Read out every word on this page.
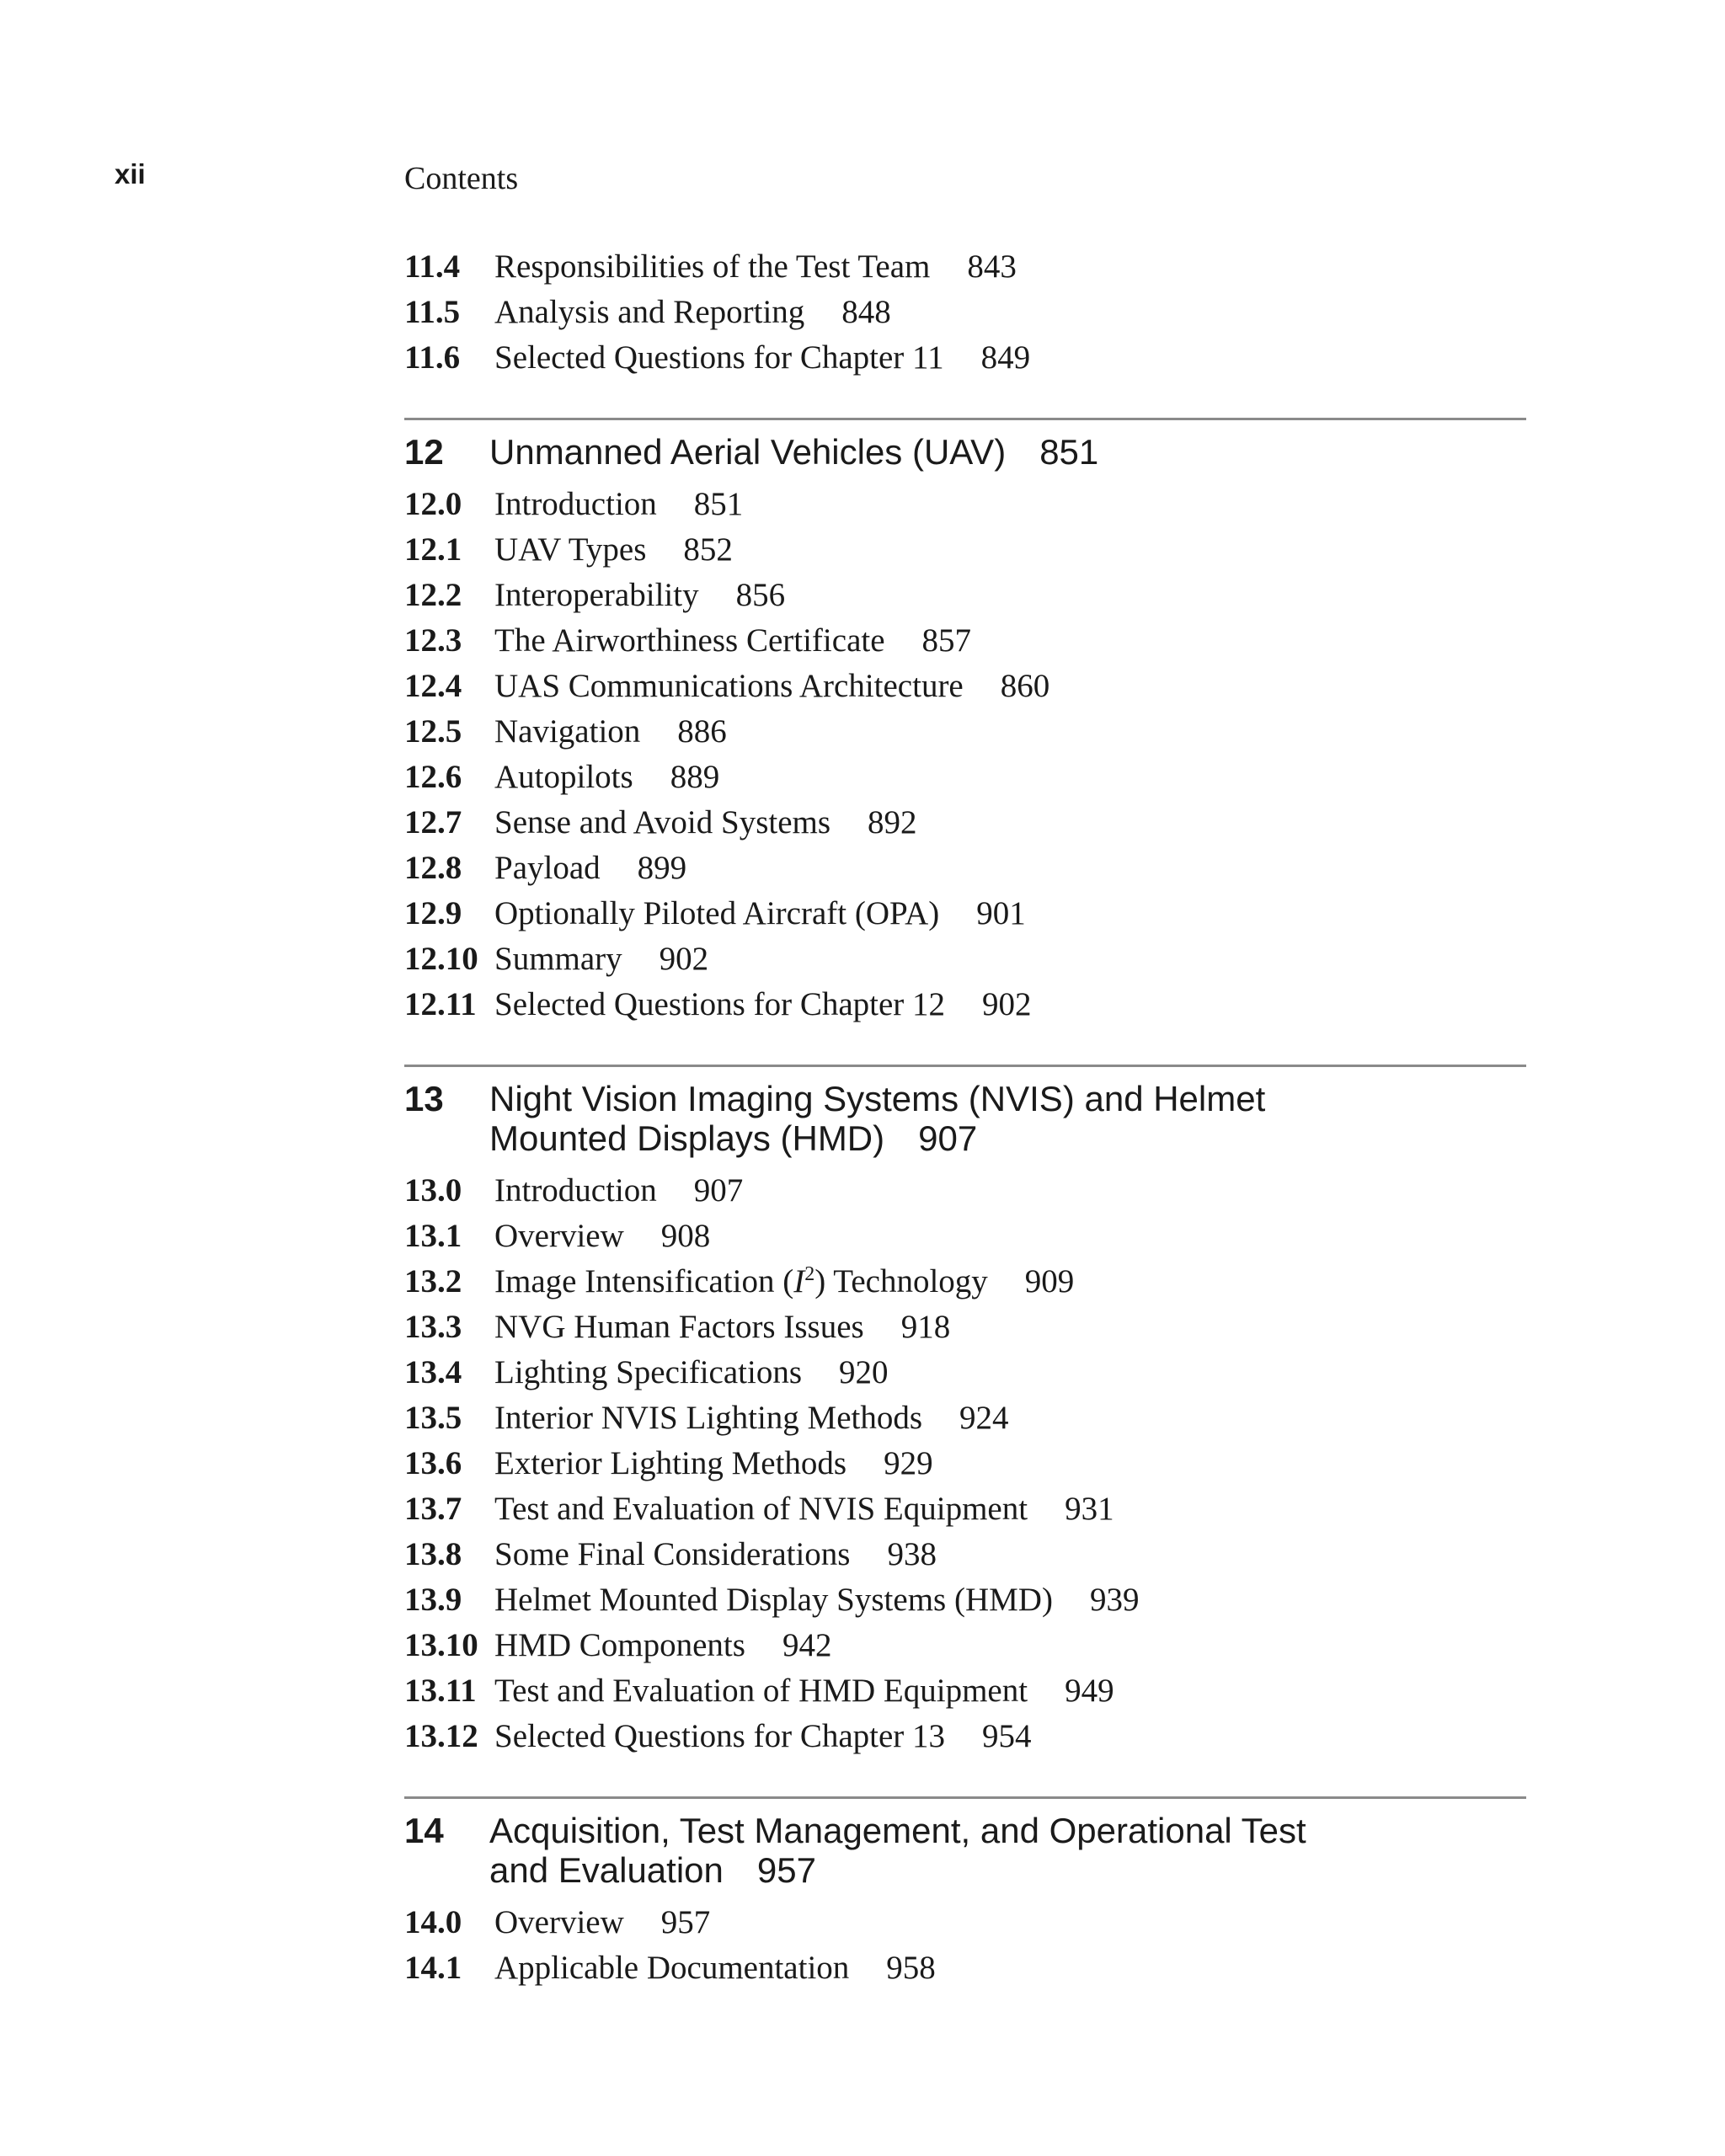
xii	Contents
11.4 Responsibilities of the Test Team 843
11.5 Analysis and Reporting 848
11.6 Selected Questions for Chapter 11 849
12	Unmanned Aerial Vehicles (UAV) 851
12.0 Introduction 851
12.1 UAV Types 852
12.2 Interoperability 856
12.3 The Airworthiness Certificate 857
12.4 UAS Communications Architecture 860
12.5 Navigation 886
12.6 Autopilots 889
12.7 Sense and Avoid Systems 892
12.8 Payload 899
12.9 Optionally Piloted Aircraft (OPA) 901
12.10 Summary 902
12.11 Selected Questions for Chapter 12 902
13	Night Vision Imaging Systems (NVIS) and Helmet
Mounted Displays (HMD) 907
13.0 Introduction 907
13.1 Overview 908
13.2 Image Intensification $(I^2)$ Technology 909
13.3 NVG Human Factors Issues 918
13.4 Lighting Specifications 920
13.5 Interior NVIS Lighting Methods 924
13.6 Exterior Lighting Methods 929
13.7 Test and Evaluation of NVIS Equipment 931
13.8 Some Final Considerations 938
13.9 Helmet Mounted Display Systems (HMD) 939
13.10 HMD Components 942
13.11 Test and Evaluation of HMD Equipment 949
13.12 Selected Questions for Chapter 13 954
14	Acquisition, Test Management, and Operational Test
and Evaluation 957
14.0 Overview 957
14.1 Applicable Documentation 958
